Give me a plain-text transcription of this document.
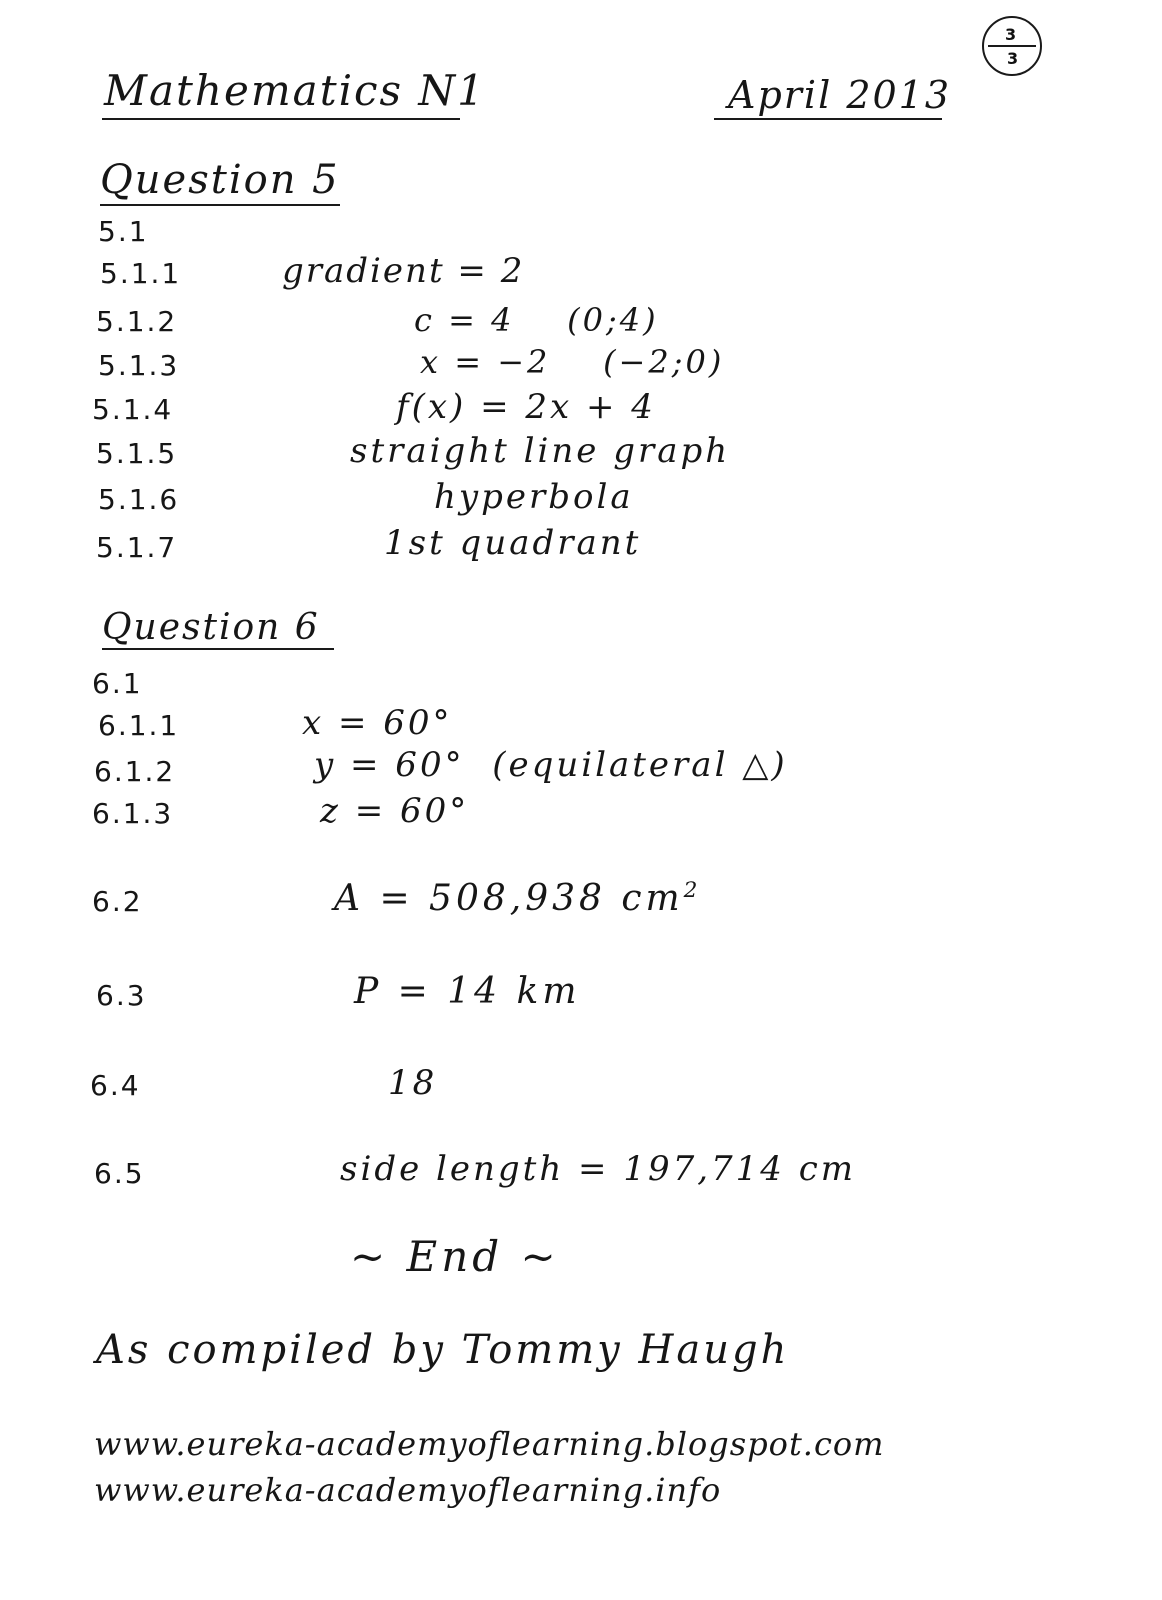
3
3
Mathematics N1	April 2013
Question 5
5.1
5.1.1	gradient = 2
5.1.2	c = 4    (0;4)
5.1.3	x = −2    (−2;0)
5.1.4	f(x) = 2x + 4
5.1.5	straight line graph
5.1.6	hyperbola
5.1.7	1st quadrant
Question 6
6.1
6.1.1	x = 60°
6.1.2	y = 60°  (equilateral △)
6.1.3	z = 60°
6.2	A = 508,938 $cm^2$
6.3	P = 14 km
6.4	18
6.5	side length = 197,714 cm
~ End ~
As compiled by Tommy Haugh
www.eureka-academyoflearning.blogspot.com
www.eureka-academyoflearning.info
